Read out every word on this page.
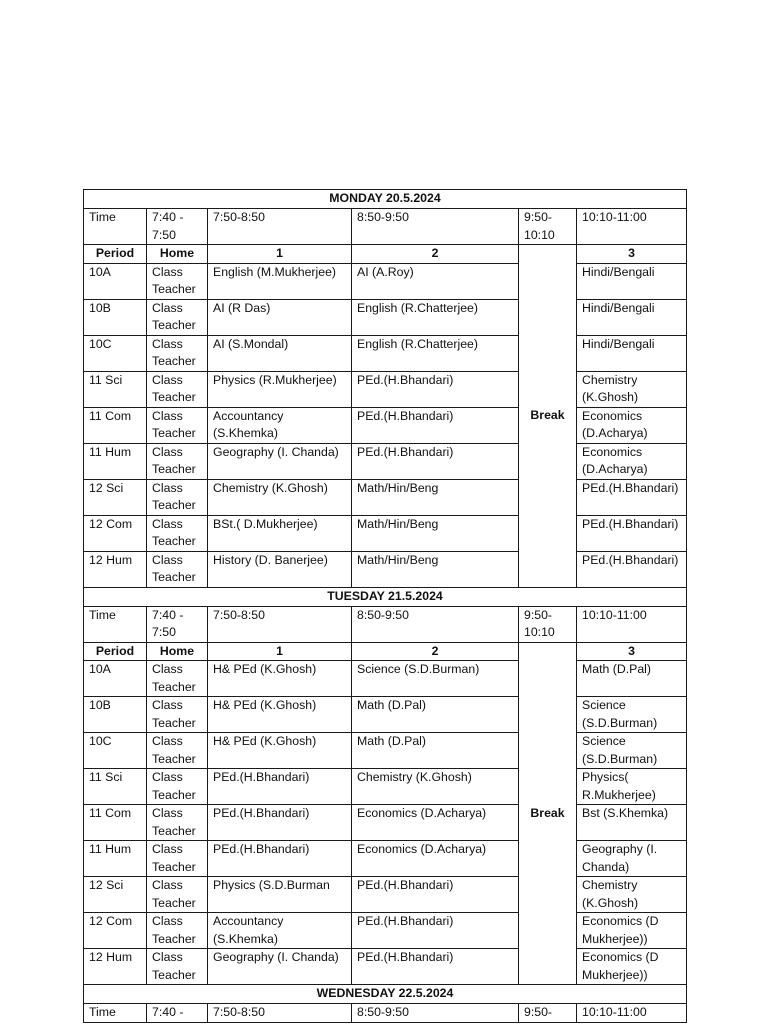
MONDAY 20.5.2024					
Time	7:40 - 7:50	7:50-8:50	8:50-9:50	9:50-10:10	10:10-11:00
Period	Home	1	2	Break	3
10A	Class Teacher	English (M.Mukherjee)	AI (A.Roy)		Hindi/Bengali
10B	Class Teacher	AI (R Das)	English (R.Chatterjee)		Hindi/Bengali
10C	Class Teacher	AI (S.Mondal)	English (R.Chatterjee)		Hindi/Bengali
11 Sci	Class Teacher	Physics (R.Mukherjee)	PEd.(H.Bhandari)		Chemistry (K.Ghosh)
11 Com	Class Teacher	Accountancy (S.Khemka)	PEd.(H.Bhandari)		Economics (D.Acharya)
11 Hum	Class Teacher	Geography (I. Chanda)	PEd.(H.Bhandari)		Economics (D.Acharya)
12 Sci	Class Teacher	Chemistry (K.Ghosh)	Math/Hin/Beng		PEd.(H.Bhandari)
12 Com	Class Teacher	BSt.( D.Mukherjee)	Math/Hin/Beng		PEd.(H.Bhandari)
12 Hum	Class Teacher	History (D. Banerjee)	Math/Hin/Beng		PEd.(H.Bhandari)
TUESDAY 21.5.2024					
Time	7:40 - 7:50	7:50-8:50	8:50-9:50	9:50-10:10	10:10-11:00
Period	Home	1	2	Break	3
10A	Class Teacher	H& PEd (K.Ghosh)	Science (S.D.Burman)		Math (D.Pal)
10B	Class Teacher	H& PEd (K.Ghosh)	Math (D.Pal)		Science (S.D.Burman)
10C	Class Teacher	H& PEd (K.Ghosh)	Math (D.Pal)		Science (S.D.Burman)
11 Sci	Class Teacher	PEd.(H.Bhandari)	Chemistry (K.Ghosh)		Physics( R.Mukherjee)
11 Com	Class Teacher	PEd.(H.Bhandari)	Economics (D.Acharya)		Bst (S.Khemka)
11 Hum	Class Teacher	PEd.(H.Bhandari)	Economics (D.Acharya)		Geography (I. Chanda)
12 Sci	Class Teacher	Physics (S.D.Burman	PEd.(H.Bhandari)		Chemistry (K.Ghosh)
12 Com	Class Teacher	Accountancy (S.Khemka)	PEd.(H.Bhandari)		Economics (D Mukherjee))
12 Hum	Class Teacher	Geography (I. Chanda)	PEd.(H.Bhandari)		Economics (D Mukherjee))
WEDNESDAY 22.5.2024					
Time	7:40 -	7:50-8:50	8:50-9:50	9:50-	10:10-11:00
